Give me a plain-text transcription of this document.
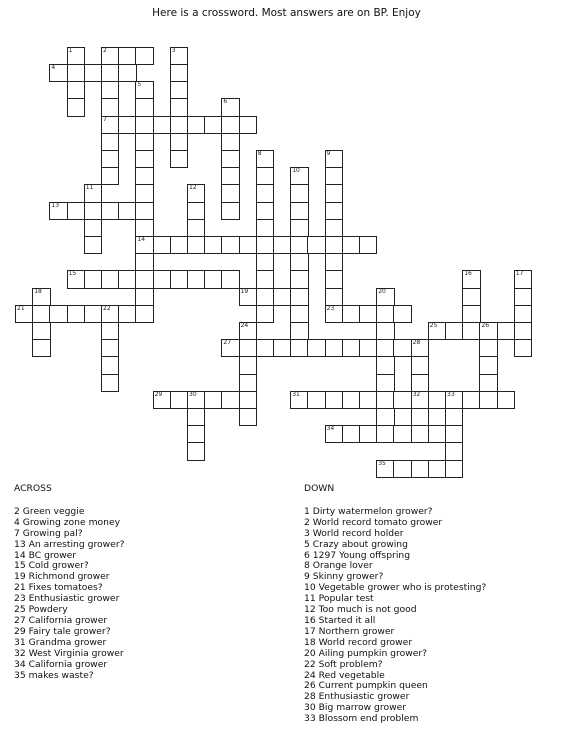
Here is a crossword. Most answers are on BP. Enjoy
1	2	3
4
5
6
7
8	9
10
11	12
13
14
15	16	17
18	19	20
21	22	23
24	25	26
27	28
29	30	31	32	33
34
35
ACROSS
2 Green veggie
4 Growing zone money
7 Growing pal?
13 An arresting grower?
14 BC grower
15 Cold grower?
19 Richmond grower
21 Fixes tomatoes?
23 Enthusiastic grower
25 Powdery
27 California grower
29 Fairy tale grower?
31 Grandma grower
32 West Virginia grower
34 California grower
35 makes waste?
DOWN
1 Dirty watermelon grower?
2 World record tomato grower
3 World record holder
5 Crazy about growing
6 1297 Young offspring
8 Orange lover
9 Skinny grower?
10 Vegetable grower who is protesting?
11 Popular test
12 Too much is not good
16 Started it all
17 Northern grower
18 World record grower
20 Ailing pumpkin grower?
22 Soft problem?
24 Red vegetable
26 Current pumpkin queen
28 Enthusiastic grower
30 Big marrow grower
33 Blossom end problem
